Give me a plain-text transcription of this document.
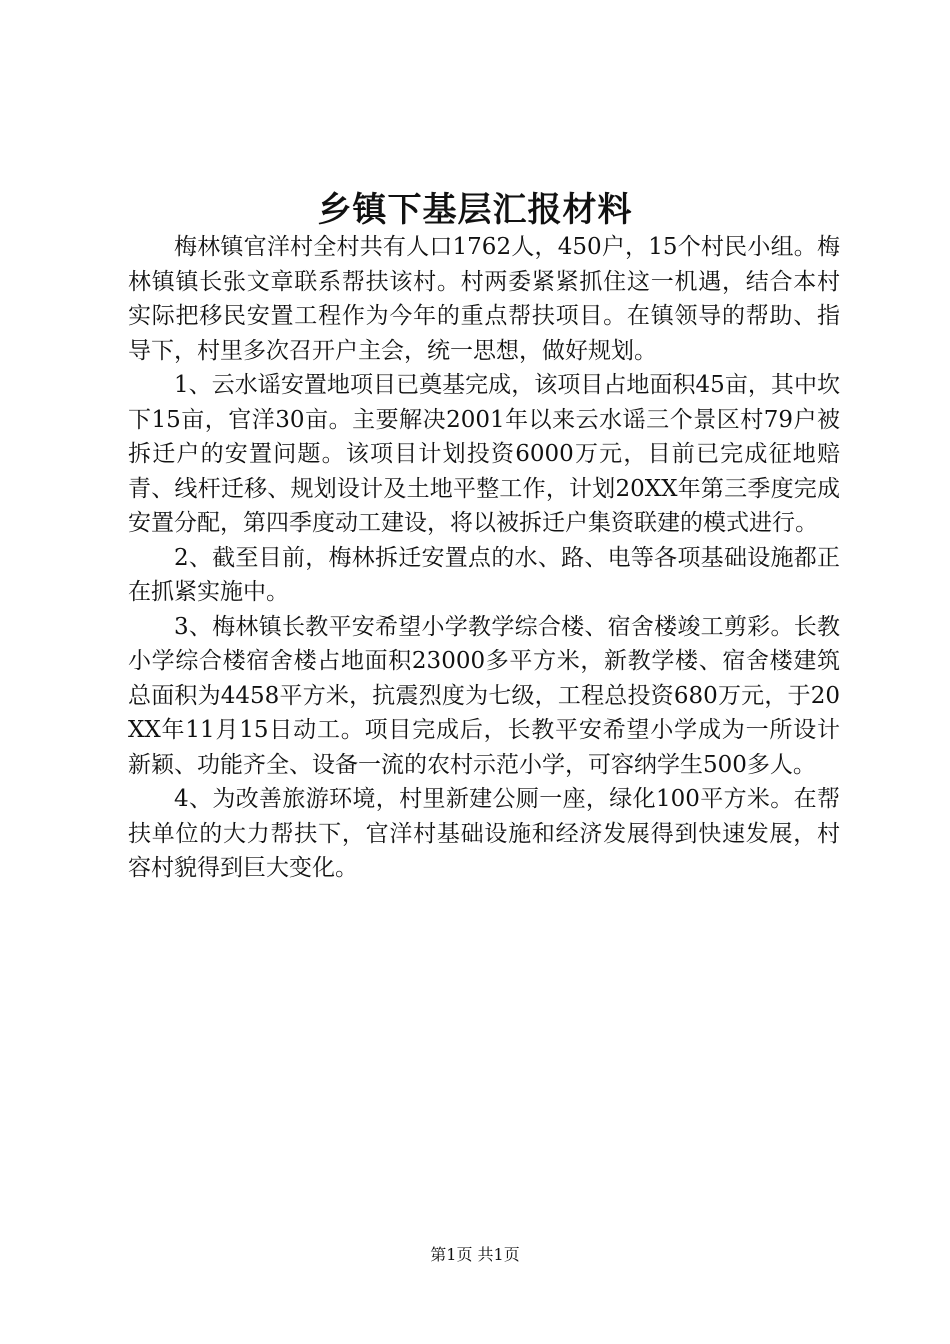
乡镇下基层汇报材料

梅林镇官洋村全村共有人口1762人，450户，15个村民小组。梅林镇镇长张文章联系帮扶该村。村两委紧紧抓住这一机遇，结合本村实际把移民安置工程作为今年的重点帮扶项目。在镇领导的帮助、指导下，村里多次召开户主会，统一思想，做好规划。

1、云水谣安置地项目已奠基完成，该项目占地面积45亩，其中坎下15亩，官洋30亩。主要解决2001年以来云水谣三个景区村79户被拆迁户的安置问题。该项目计划投资6000万元，目前已完成征地赔青、线杆迁移、规划设计及土地平整工作，计划20XX年第三季度完成安置分配，第四季度动工建设，将以被拆迁户集资联建的模式进行。

2、截至目前，梅林拆迁安置点的水、路、电等各项基础设施都正在抓紧实施中。

3、梅林镇长教平安希望小学教学综合楼、宿舍楼竣工剪彩。长教小学综合楼宿舍楼占地面积23000多平方米，新教学楼、宿舍楼建筑总面积为4458平方米，抗震烈度为七级，工程总投资680万元，于20XX年11月15日动工。项目完成后，长教平安希望小学成为一所设计新颖、功能齐全、设备一流的农村示范小学，可容纳学生500多人。

4、为改善旅游环境，村里新建公厕一座，绿化100平方米。在帮扶单位的大力帮扶下，官洋村基础设施和经济发展得到快速发展，村容村貌得到巨大变化。

第1页 共1页
